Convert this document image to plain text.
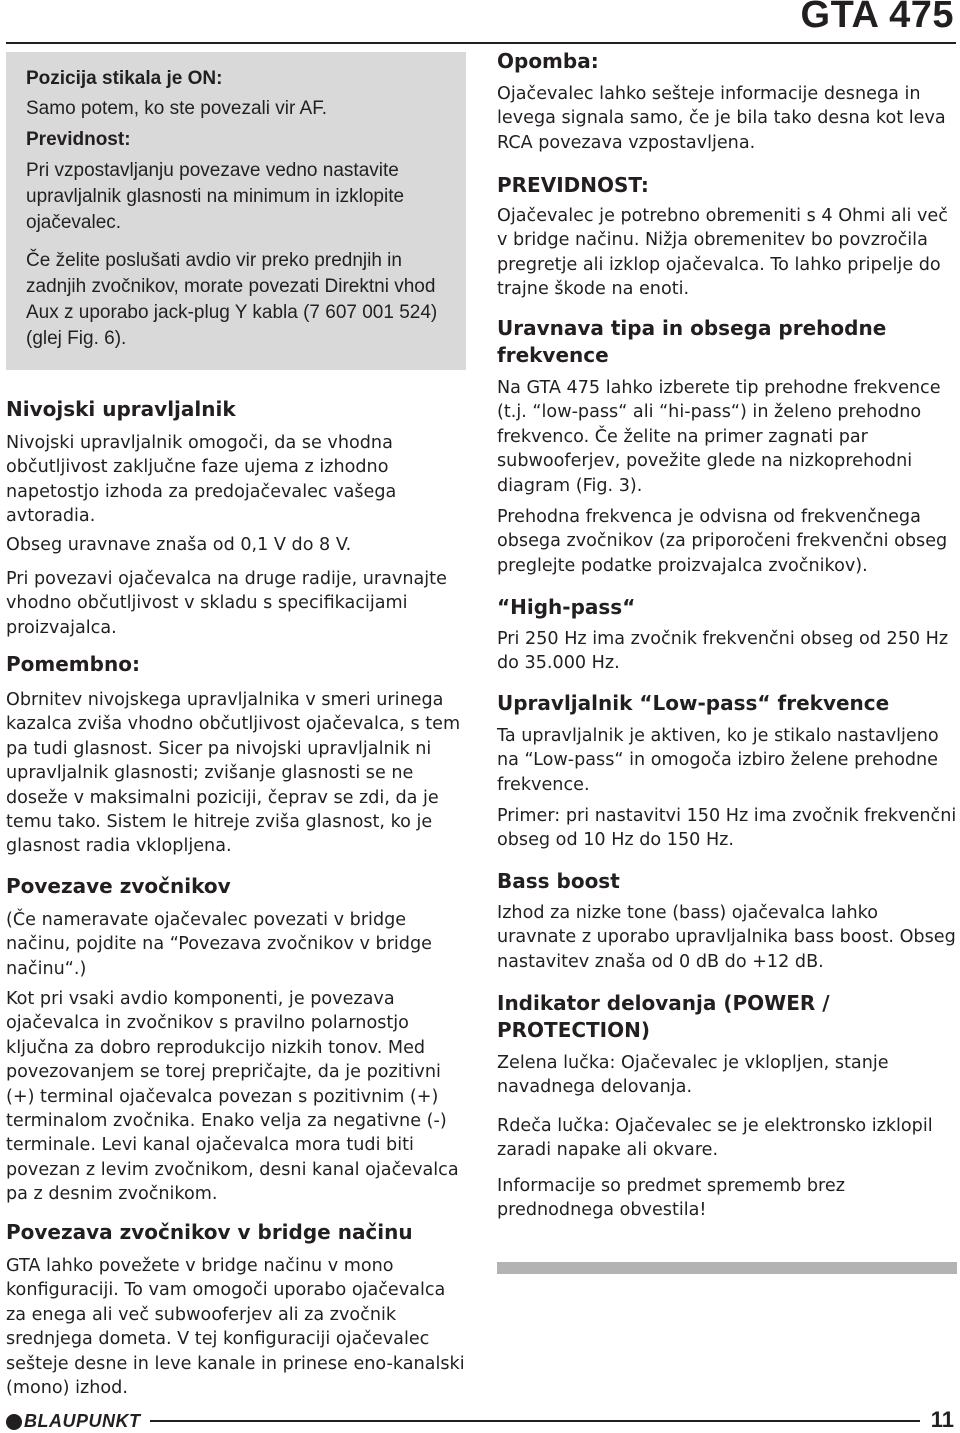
GTA 475

Pozicija stikala je ON:

Samo potem, ko ste povezali vir AF.

Previdnost:

Pri vzpostavljanju povezave vedno nastavite upravljalnik glasnosti na minimum in izklopite ojačevalec.

Če želite poslušati avdio vir preko prednjih in zadnjih zvočnikov, morate povezati Direktni vhod Aux z uporabo jack-plug Y kabla (7 607 001 524) (glej Fig. 6).

Nivojski upravljalnik

Nivojski upravljalnik omogoči, da se vhodna občutljivost zaključne faze ujema z izhodno napetostjo izhoda za predojačevalec vašega avtoradia.

Obseg uravnave znaša od 0,1 V do 8 V.

Pri povezavi ojačevalca na druge radije, uravnajte vhodno občutljivost v skladu s specifikacijami proizvajalca.

Pomembno:

Obrnitev nivojskega upravljalnika v smeri urinega kazalca zviša vhodno občutljivost ojačevalca, s tem pa tudi glasnost. Sicer pa nivojski upravljalnik ni upravljalnik glasnosti; zvišanje glasnosti se ne doseže v maksimalni poziciji, čeprav se zdi, da je temu tako. Sistem le hitreje zviša glasnost, ko je glasnost radia vklopljena.

Povezave zvočnikov

(Če nameravate ojačevalec povezati v bridge načinu, pojdite na “Povezava zvočnikov v bridge načinu“.)

Kot pri vsaki avdio komponenti, je povezava ojačevalca in zvočnikov s pravilno polarnostjo ključna za dobro reprodukcijo nizkih tonov. Med povezovanjem se torej prepričajte, da je pozitivni (+) terminal ojačevalca povezan s pozitivnim (+) terminalom zvočnika. Enako velja za negativne (-) terminale. Levi kanal ojačevalca mora tudi biti povezan z levim zvočnikom, desni kanal ojačevalca pa z desnim zvočnikom.

Povezava zvočnikov v bridge načinu

GTA lahko povežete v bridge načinu v mono konfiguraciji. To vam omogoči uporabo ojačevalca za enega ali več subwooferjev ali za zvočnik srednjega dometa. V tej konfiguraciji ojačevalec sešteje desne in leve kanale in prinese eno-kanalski (mono) izhod.

Opomba:

Ojačevalec lahko sešteje informacije desnega in levega signala samo, če je bila tako desna kot leva RCA povezava vzpostavljena.

PREVIDNOST:

Ojačevalec je potrebno obremeniti s 4 Ohmi ali več v bridge načinu. Nižja obremenitev bo povzročila pregretje ali izklop ojačevalca. To lahko pripelje do trajne škode na enoti.

Uravnava tipa in obsega prehodne frekvence

Na GTA 475 lahko izberete tip prehodne frekvence (t.j. “low-pass“ ali “hi-pass“) in želeno prehodno frekvenco. Če želite na primer zagnati par subwooferjev, povežite glede na nizkoprehodni diagram (Fig. 3).

Prehodna frekvenca je odvisna od frekvenčnega obsega zvočnikov (za priporočeni frekvenčni obseg preglejte podatke proizvajalca zvočnikov).

“High-pass“

Pri 250 Hz ima zvočnik frekvenčni obseg od 250 Hz do 35.000 Hz.

Upravljalnik “Low-pass“ frekvence

Ta upravljalnik je aktiven, ko je stikalo nastavljeno na “Low-pass“ in omogoča izbiro želene prehodne frekvence.

Primer: pri nastavitvi 150 Hz ima zvočnik frekvenčni obseg od 10 Hz do 150 Hz.

Bass boost

Izhod za nizke tone (bass) ojačevalca lahko uravnate z uporabo upravljalnika bass boost. Obseg nastavitev znaša od 0 dB do +12 dB.

Indikator delovanja (POWER / PROTECTION)

Zelena lučka: Ojačevalec je vklopljen, stanje navadnega delovanja.

Rdeča lučka: Ojačevalec se je elektronsko izklopil zaradi napake ali okvare.

Informacije so predmet sprememb brez prednodnega obvestila!

BLAUPUNKT	11
